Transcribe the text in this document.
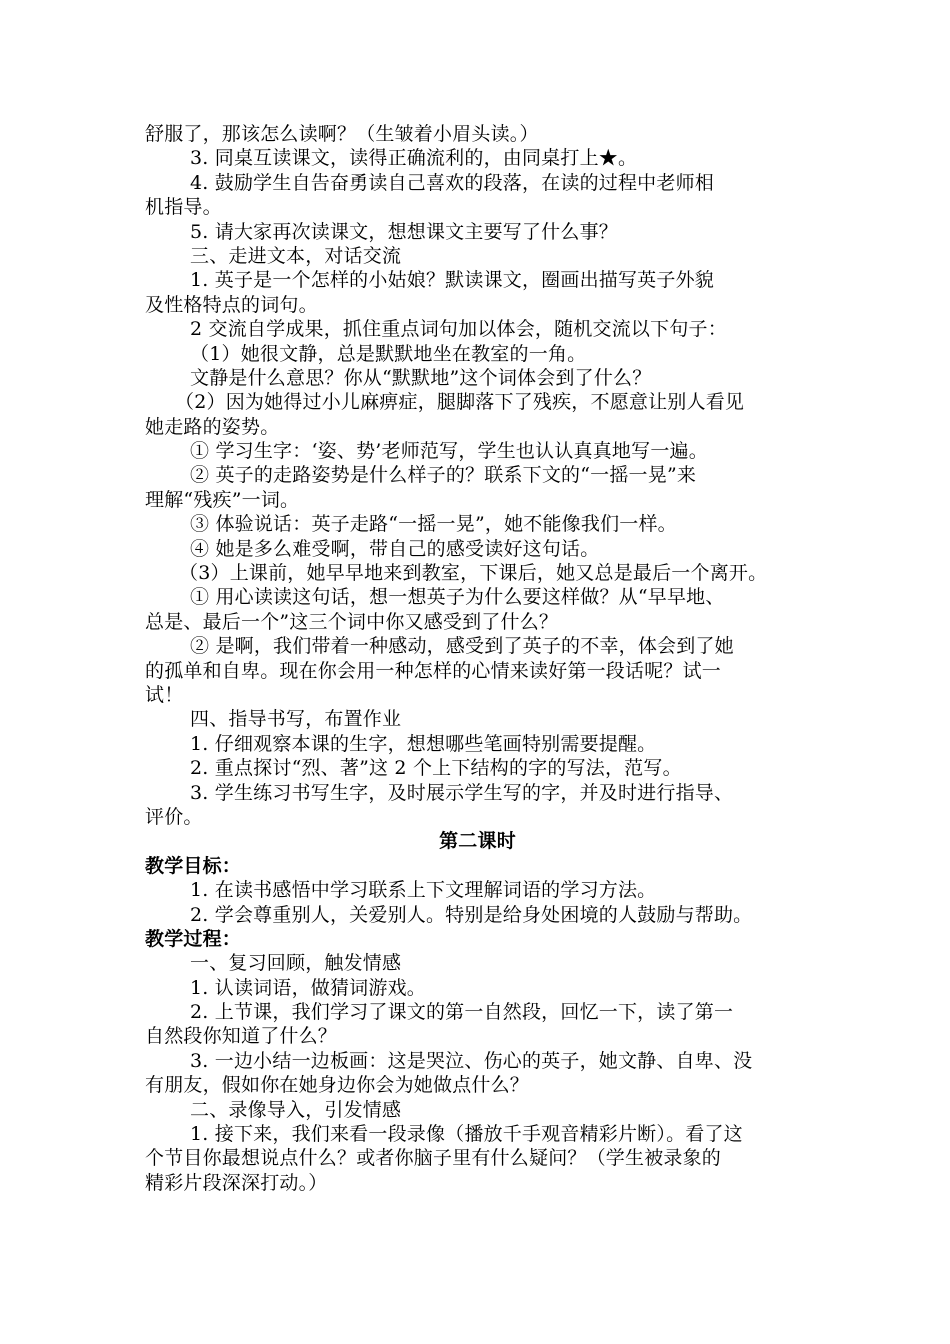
舒服了，那该怎么读啊？（生皱着小眉头读。）
3. 同桌互读课文，读得正确流利的，由同桌打上★。
4. 鼓励学生自告奋勇读自己喜欢的段落，在读的过程中老师相
机指导。
5. 请大家再次读课文，想想课文主要写了什么事？
三、走进文本，对话交流
1. 英子是一个怎样的小姑娘？默读课文，圈画出描写英子外貌
及性格特点的词句。
2 交流自学成果，抓住重点词句加以体会，随机交流以下句子：
（1）她很文静，总是默默地坐在教室的一角。
文静是什么意思？你从“默默地”这个词体会到了什么？
（2）因为她得过小儿麻痹症，腿脚落下了残疾，不愿意让别人看见
她走路的姿势。
① 学习生字：‘姿、势’老师范写，学生也认认真真地写一遍。
② 英子的走路姿势是什么样子的？联系下文的“一摇一晃”来
理解“残疾”一词。
③ 体验说话：英子走路“一摇一晃”，她不能像我们一样。
④ 她是多么难受啊，带自己的感受读好这句话。
（3）上课前，她早早地来到教室，下课后，她又总是最后一个离开。
① 用心读读这句话，想一想英子为什么要这样做？从“早早地、
总是、最后一个”这三个词中你又感受到了什么？
② 是啊，我们带着一种感动，感受到了英子的不幸，体会到了她
的孤单和自卑。现在你会用一种怎样的心情来读好第一段话呢？试一
试！
四、指导书写，布置作业
1. 仔细观察本课的生字，想想哪些笔画特别需要提醒。
2. 重点探讨“烈、著”这 2 个上下结构的字的写法，范写。
3. 学生练习书写生字，及时展示学生写的字，并及时进行指导、
评价。
第二课时
教学目标：
1. 在读书感悟中学习联系上下文理解词语的学习方法。
2. 学会尊重别人，关爱别人。特别是给身处困境的人鼓励与帮助。
教学过程：
一、复习回顾，触发情感
1. 认读词语，做猜词游戏。
2. 上节课，我们学习了课文的第一自然段，回忆一下，读了第一
自然段你知道了什么？
3. 一边小结一边板画：这是哭泣、伤心的英子，她文静、自卑、没
有朋友，假如你在她身边你会为她做点什么？
二、录像导入，引发情感
1. 接下来，我们来看一段录像（播放千手观音精彩片断）。看了这
个节目你最想说点什么？或者你脑子里有什么疑问？（学生被录象的
精彩片段深深打动。）
